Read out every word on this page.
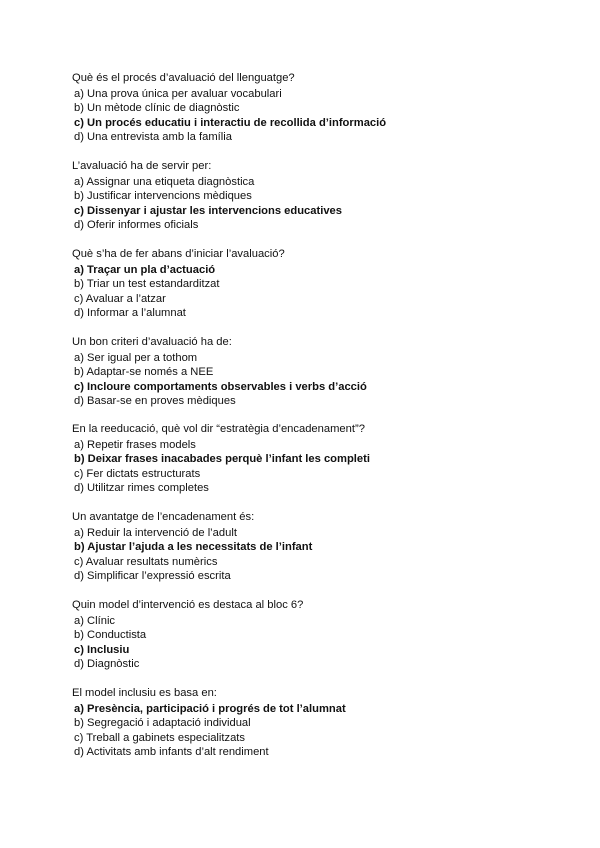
Què és el procés d’avaluació del llenguatge?
a) Una prova única per avaluar vocabulari
b) Un mètode clínic de diagnòstic
c) Un procés educatiu i interactiu de recollida d’informació
d) Una entrevista amb la família
L’avaluació ha de servir per:
a) Assignar una etiqueta diagnòstica
b) Justificar intervencions mèdiques
c) Dissenyar i ajustar les intervencions educatives
d) Oferir informes oficials
Què s’ha de fer abans d’iniciar l’avaluació?
a) Traçar un pla d’actuació
b) Triar un test estandarditzat
c) Avaluar a l’atzar
d) Informar a l’alumnat
Un bon criteri d’avaluació ha de:
a) Ser igual per a tothom
b) Adaptar-se només a NEE
c) Incloure comportaments observables i verbs d’acció
d) Basar-se en proves mèdiques
En la reeducació, què vol dir “estratègia d’encadenament”?
a) Repetir frases models
b) Deixar frases inacabades perquè l’infant les completi
c) Fer dictats estructurats
d) Utilitzar rimes completes
Un avantatge de l’encadenament és:
a) Reduir la intervenció de l’adult
b) Ajustar l’ajuda a les necessitats de l’infant
c) Avaluar resultats numèrics
d) Simplificar l’expressió escrita
Quin model d’intervenció es destaca al bloc 6?
a) Clínic
b) Conductista
c) Inclusiu
d) Diagnòstic
El model inclusiu es basa en:
a) Presència, participació i progrés de tot l’alumnat
b) Segregació i adaptació individual
c) Treball a gabinets especialitzats
d) Activitats amb infants d’alt rendiment
